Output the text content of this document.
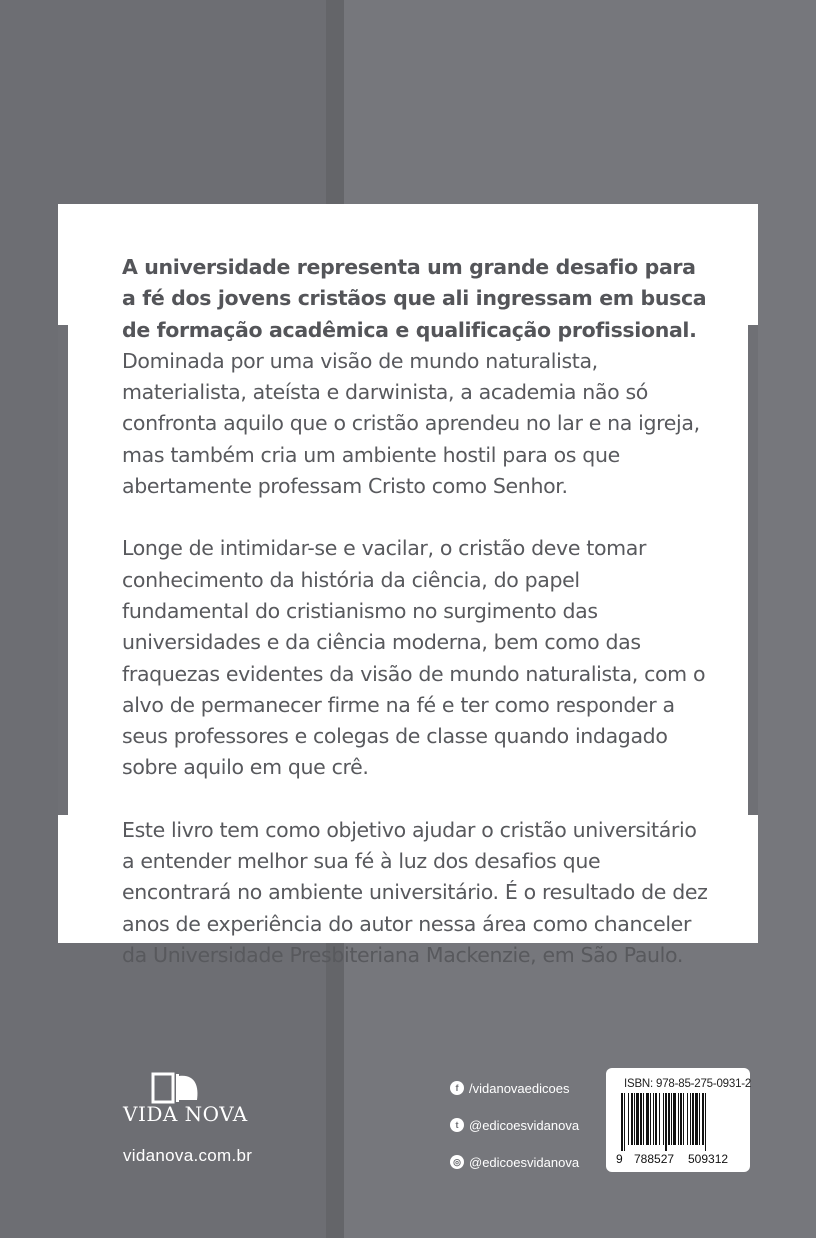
A universidade representa um grande desafio para a fé dos jovens cristãos que ali ingressam em busca de formação acadêmica e qualificação profissional. Dominada por uma visão de mundo naturalista, materialista, ateísta e darwinista, a academia não só confronta aquilo que o cristão aprendeu no lar e na igreja, mas também cria um ambiente hostil para os que abertamente professam Cristo como Senhor.

Longe de intimidar-se e vacilar, o cristão deve tomar conhecimento da história da ciência, do papel fundamental do cristianismo no surgimento das universidades e da ciência moderna, bem como das fraquezas evidentes da visão de mundo naturalista, com o alvo de permanecer firme na fé e ter como responder a seus professores e colegas de classe quando indagado sobre aquilo em que crê.

Este livro tem como objetivo ajudar o cristão universitário a entender melhor sua fé à luz dos desafios que encontrará no ambiente universitário. É o resultado de dez anos de experiência do autor nessa área como chanceler da Universidade Presbiteriana Mackenzie, em São Paulo.

VIDA NOVA
vidanova.com.br
f /vidanovaedicoes
t @edicoesvidanova
◎ @edicoesvidanova
ISBN: 978-85-275-0931-2
9 788527 509312
